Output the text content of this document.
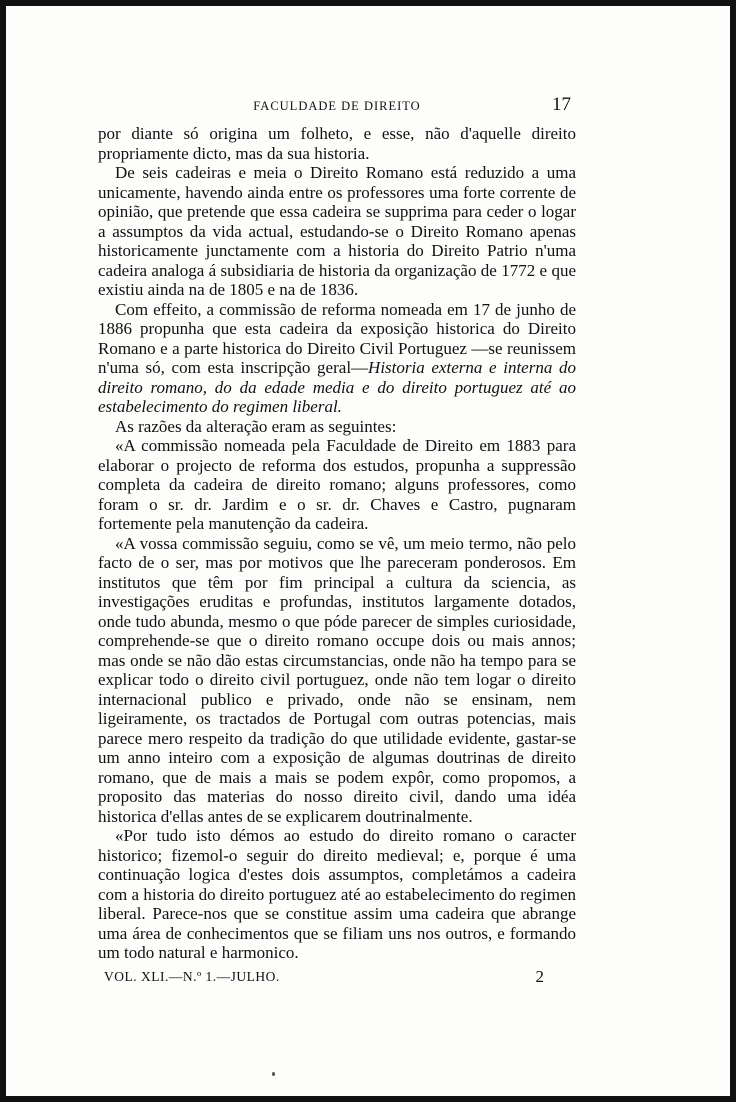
FACULDADE DE DIREITO	17

por diante só origina um folheto, e esse, não d'aquelle direito propriamente dicto, mas da sua historia.

De seis cadeiras e meia o Direito Romano está reduzido a uma unicamente, havendo ainda entre os professores uma forte corrente de opinião, que pretende que essa cadeira se supprima para ceder o logar a assumptos da vida actual, estudando-se o Direito Romano apenas historicamente junctamente com a historia do Direito Patrio n'uma cadeira analoga á subsidiaria de historia da organização de 1772 e que existiu ainda na de 1805 e na de 1836.

Com effeito, a commissão de reforma nomeada em 17 de junho de 1886 propunha que esta cadeira da exposição historica do Direito Romano e a parte historica do Direito Civil Portuguez —se reunissem n'uma só, com esta inscripção geral—Historia externa e interna do direito romano, do da edade media e do direito portuguez até ao estabelecimento do regimen liberal.

As razões da alteração eram as seguintes:

«A commissão nomeada pela Faculdade de Direito em 1883 para elaborar o projecto de reforma dos estudos, propunha a suppressão completa da cadeira de direito romano; alguns professores, como foram o sr. dr. Jardim e o sr. dr. Chaves e Castro, pugnaram fortemente pela manutenção da cadeira.

«A vossa commissão seguiu, como se vê, um meio termo, não pelo facto de o ser, mas por motivos que lhe pareceram ponderosos. Em institutos que têm por fim principal a cultura da sciencia, as investigações eruditas e profundas, institutos largamente dotados, onde tudo abunda, mesmo o que póde parecer de simples curiosidade, comprehende-se que o direito romano occupe dois ou mais annos; mas onde se não dão estas circumstancias, onde não ha tempo para se explicar todo o direito civil portuguez, onde não tem logar o direito internacional publico e privado, onde não se ensinam, nem ligeiramente, os tractados de Portugal com outras potencias, mais parece mero respeito da tradição do que utilidade evidente, gastar-se um anno inteiro com a exposição de algumas doutrinas de direito romano, que de mais a mais se podem expôr, como propomos, a proposito das materias do nosso direito civil, dando uma idéa historica d'ellas antes de se explicarem doutrinalmente.

«Por tudo isto démos ao estudo do direito romano o caracter historico; fizemol-o seguir do direito medieval; e, porque é uma continuação logica d'estes dois assumptos, completámos a cadeira com a historia do direito portuguez até ao estabelecimento do regimen liberal. Parece-nos que se constitue assim uma cadeira que abrange uma área de conhecimentos que se filiam uns nos outros, e formando um todo natural e harmonico.

VOL. XLI.—N.º 1.—JULHO.	2
